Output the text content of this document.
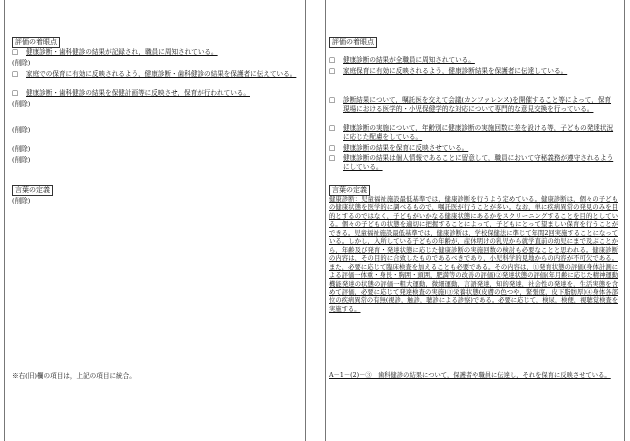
評価の着眼点
□	健康診断・歯科健診の結果が記録され，職員に周知されている。
(削除)
□	家庭での保育に有効に反映されるよう，健康診断・歯科健診の結果を保護者に伝えている。
□	健康診断・歯科健診の結果を保健計画等に反映させ，保育が行われている。
(削除)
(削除)
(削除)
(削除)
言葉の定義
(削除)
※右(旧)欄の項目は，上記の項目に統合。
評価の着眼点
□	健康診断の結果が全職員に周知されている。
□	家庭保育に有効に反映されるよう，健康診断結果を保護者に伝達している。
□	診断結果について，嘱託医を交えて会議(カンファレンス)を開催すること等によって，保育現場における医学的・小児保健学的な対応について専門的な意見交換を行っている。
□	健康診断の実施について，年齢別に健康診断の実施回数に差を設ける等，子どもの発達状況に応じた配慮をしている。
□	健康診断の結果を保育に反映させている。
□	健康診断の結果は個人情報であることに留意して，職員において守秘義務が遵守されるようにしている。
言葉の定義
健康診断：児童福祉施設最低基準では，健康診断を行うよう定めている。健康診断は，個々の子どもの健康状態を医学的に調べるもので，嘱託医が行うことが多い。なお，単に疾病異常の発見のみを目的とするのではなく，子どもがいかなる健康状態にあるかをスクリーニングすることを目的としている。個々の子どもの状態を適切に把握することによって，子どもにとって望ましい保育を行うことができる。児童福祉施設最低基準では，健康診断は，学校保健法に準じて年間2回実施することになっている。しかし，入所している子どもの年齢が，産休明けの乳児から就学直前の幼児にまで及ぶことから，年齢及び発育・発達状態に応じた健康診断の実施回数の検討も必要なことと思われる。健康診断の内容は，その目的に合致したものであるべきであり，小児科学的見地からの内容が不可欠である。また，必要に応じて臨床検査を加えることも必要である。その内容は，①発育状態の評価(身体計測による評価一体重・身長・胸囲・頭囲，肥満等の改善の評価)②発達状態の評価(年月齢に応じた精神運動機能発達の状態の評価一粗大運動，微細運動，言語発達，知的発達，社会性の発達を，生活実態を含めて評価，必要に応じて発達検査の実施)③栄養状態(皮膚の色つや，緊張度，皮下脂肪厚)④身体各部位の疾病異常の有無(視診，触診，聴診による診察)である。必要に応じて，検尿，検便，視聴覚検査を実施する。
A－1－(2)－③　歯科健診の結果について，保護者や職員に伝達し，それを保育に反映させている。
